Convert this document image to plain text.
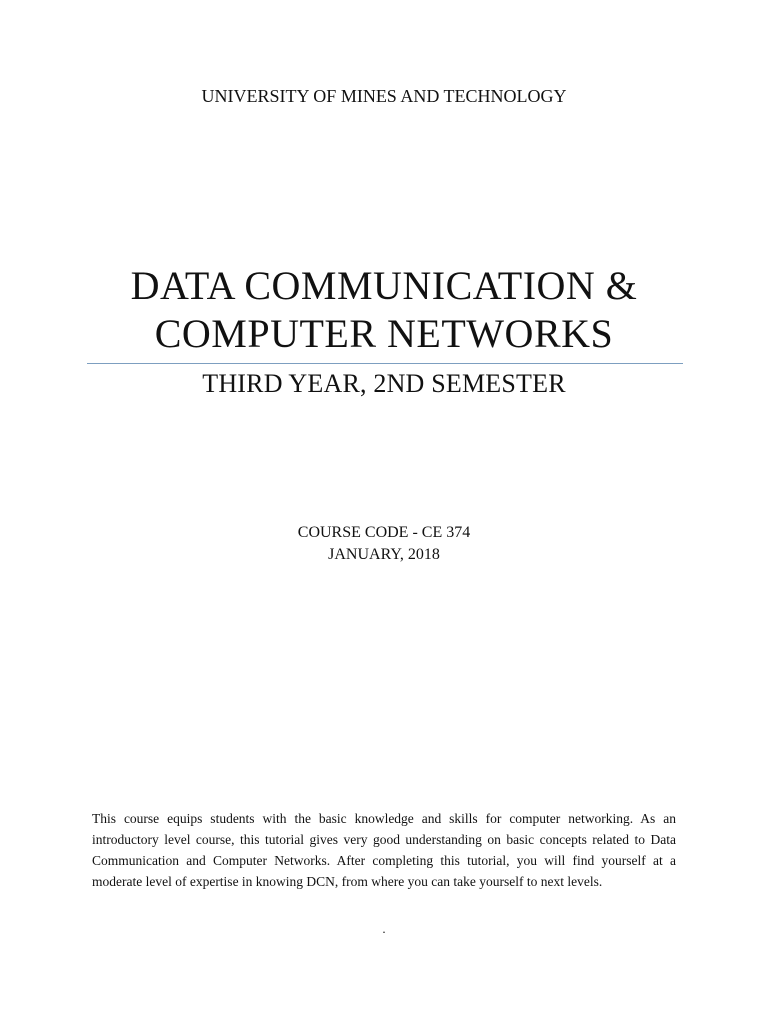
UNIVERSITY OF MINES AND TECHNOLOGY
DATA COMMUNICATION &
COMPUTER NETWORKS
THIRD YEAR, 2ND SEMESTER
COURSE CODE - CE 374
JANUARY, 2018
This course equips students with the basic knowledge and skills for computer networking. As an introductory level course, this tutorial gives very good understanding on basic concepts related to Data Communication and Computer Networks. After completing this tutorial, you will find yourself at a moderate level of expertise in knowing DCN, from where you can take yourself to next levels.
.
